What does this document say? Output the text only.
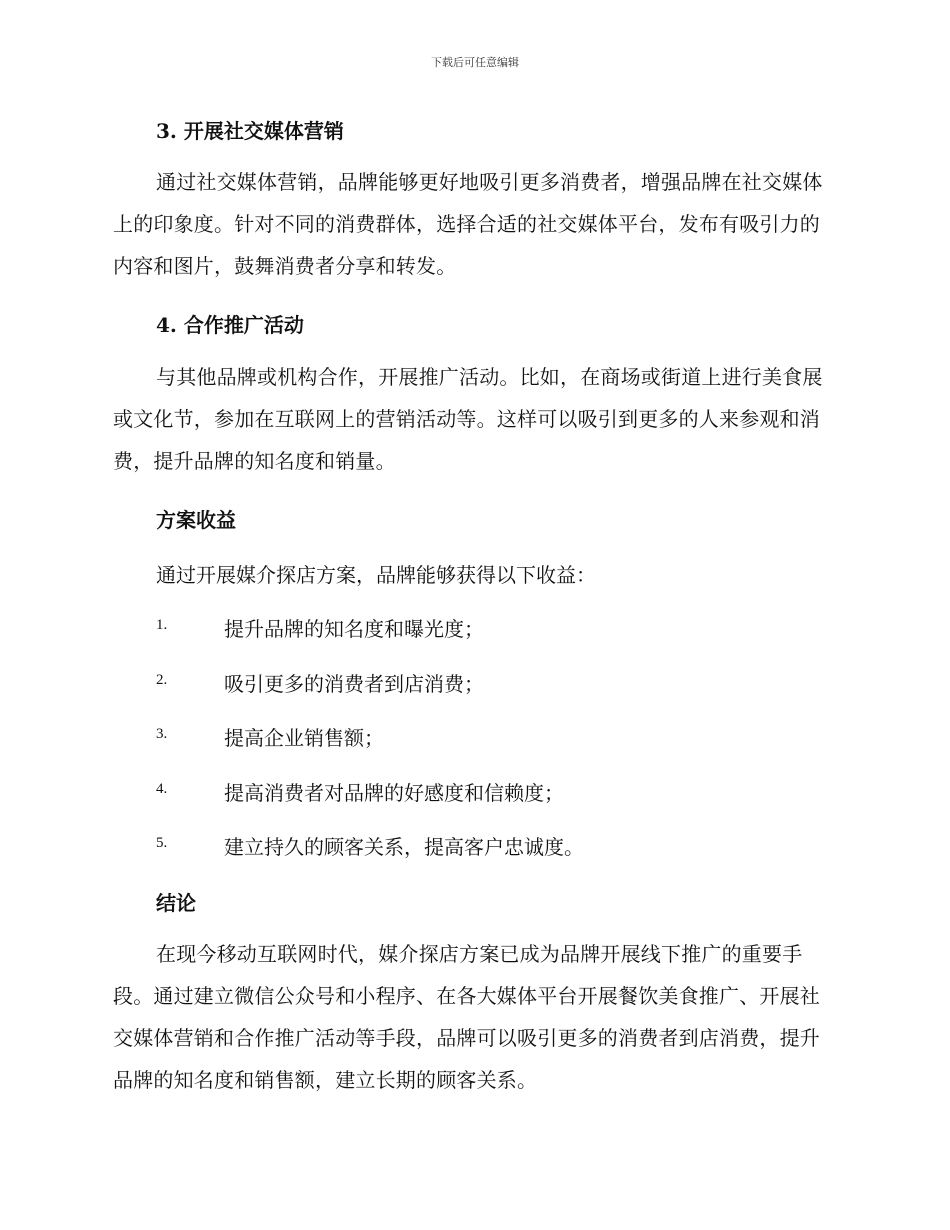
下载后可任意编辑
3. 开展社交媒体营销
通过社交媒体营销，品牌能够更好地吸引更多消费者，增强品牌在社交媒体上的印象度。针对不同的消费群体，选择合适的社交媒体平台，发布有吸引力的内容和图片，鼓舞消费者分享和转发。
4. 合作推广活动
与其他品牌或机构合作，开展推广活动。比如，在商场或街道上进行美食展或文化节，参加在互联网上的营销活动等。这样可以吸引到更多的人来参观和消费，提升品牌的知名度和销量。
方案收益
通过开展媒介探店方案，品牌能够获得以下收益：
1.	提升品牌的知名度和曝光度；
2.	吸引更多的消费者到店消费；
3.	提高企业销售额；
4.	提高消费者对品牌的好感度和信赖度；
5.	建立持久的顾客关系，提高客户忠诚度。
结论
在现今移动互联网时代，媒介探店方案已成为品牌开展线下推广的重要手段。通过建立微信公众号和小程序、在各大媒体平台开展餐饮美食推广、开展社交媒体营销和合作推广活动等手段，品牌可以吸引更多的消费者到店消费，提升品牌的知名度和销售额，建立长期的顾客关系。
